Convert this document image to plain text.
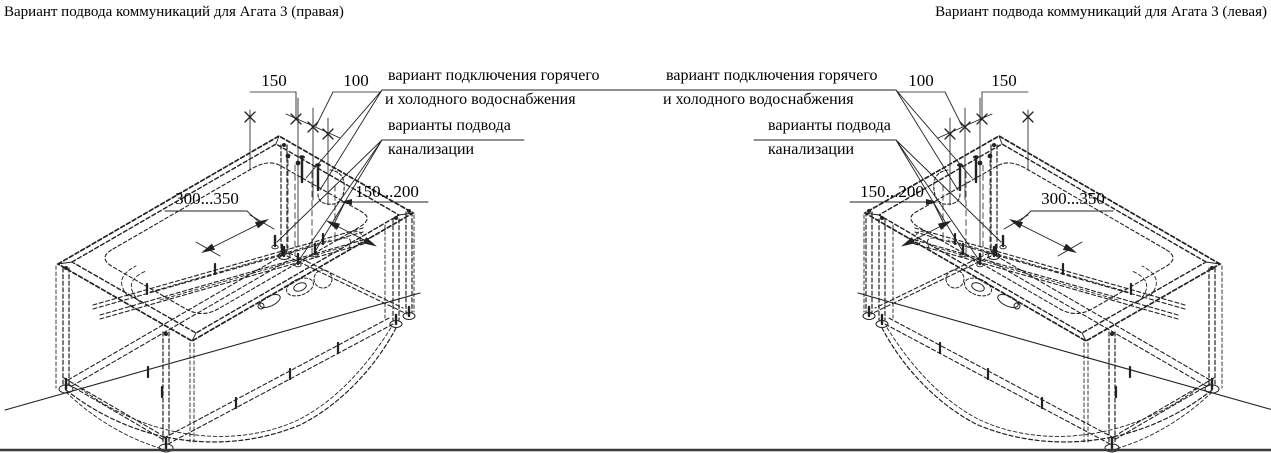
Вариант подвода коммуникаций для Агата 3 (правая)
150	100	вариант подключения горячего
и холодного водоснабжения
варианты подвода
канализации
300...350	150...200
Вариант подвода коммуникаций для Агата 3 (левая)
100	150
вариант подключения горячего
и холодного водоснабжения
варианты подвода
канализации
300...350
150...200
